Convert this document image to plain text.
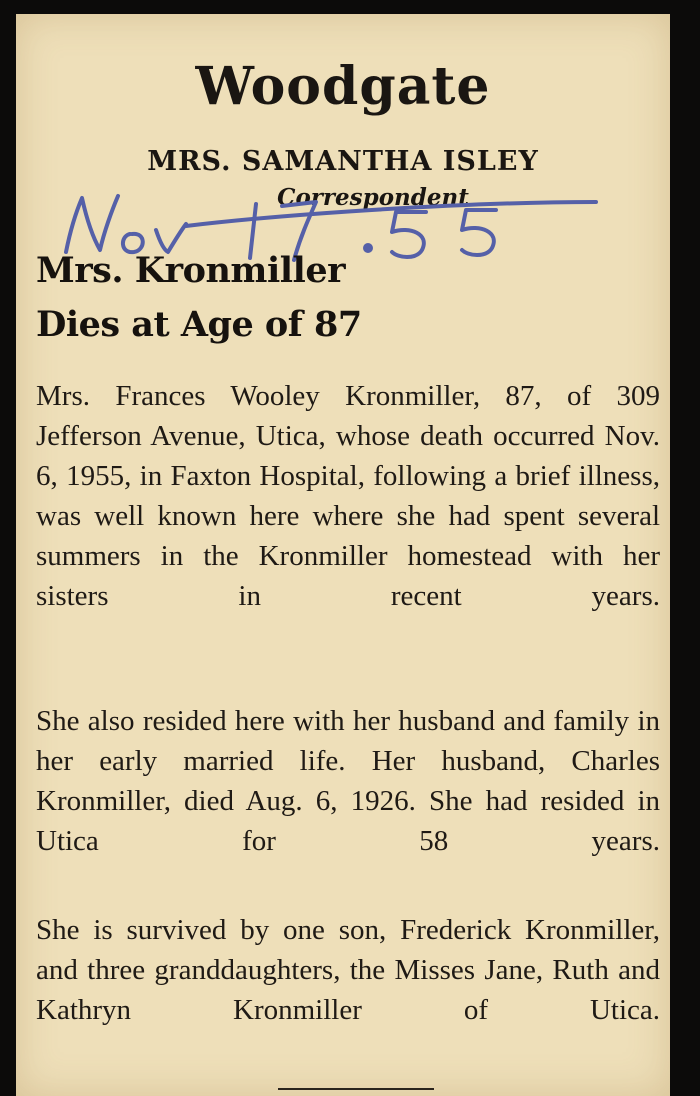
Woodgate
MRS. SAMANTHA ISLEY
Correspondent
Mrs. Kronmiller
Dies at Age of 87

Mrs. Frances Wooley Kronmiller, 87, of 309 Jefferson Avenue, Utica, whose death occurred Nov. 6, 1955, in Faxton Hospital, following a brief illness, was well known here where she had spent several summers in the Kronmiller homestead with her sisters in recent years.

She also resided here with her husband and family in her early married life. Her husband, Charles Kronmiller, died Aug. 6, 1926. She had resided in Utica for 58 years.

She is survived by one son, Frederick Kronmiller, and three granddaughters, the Misses Jane, Ruth and Kathryn Kronmiller of Utica.
